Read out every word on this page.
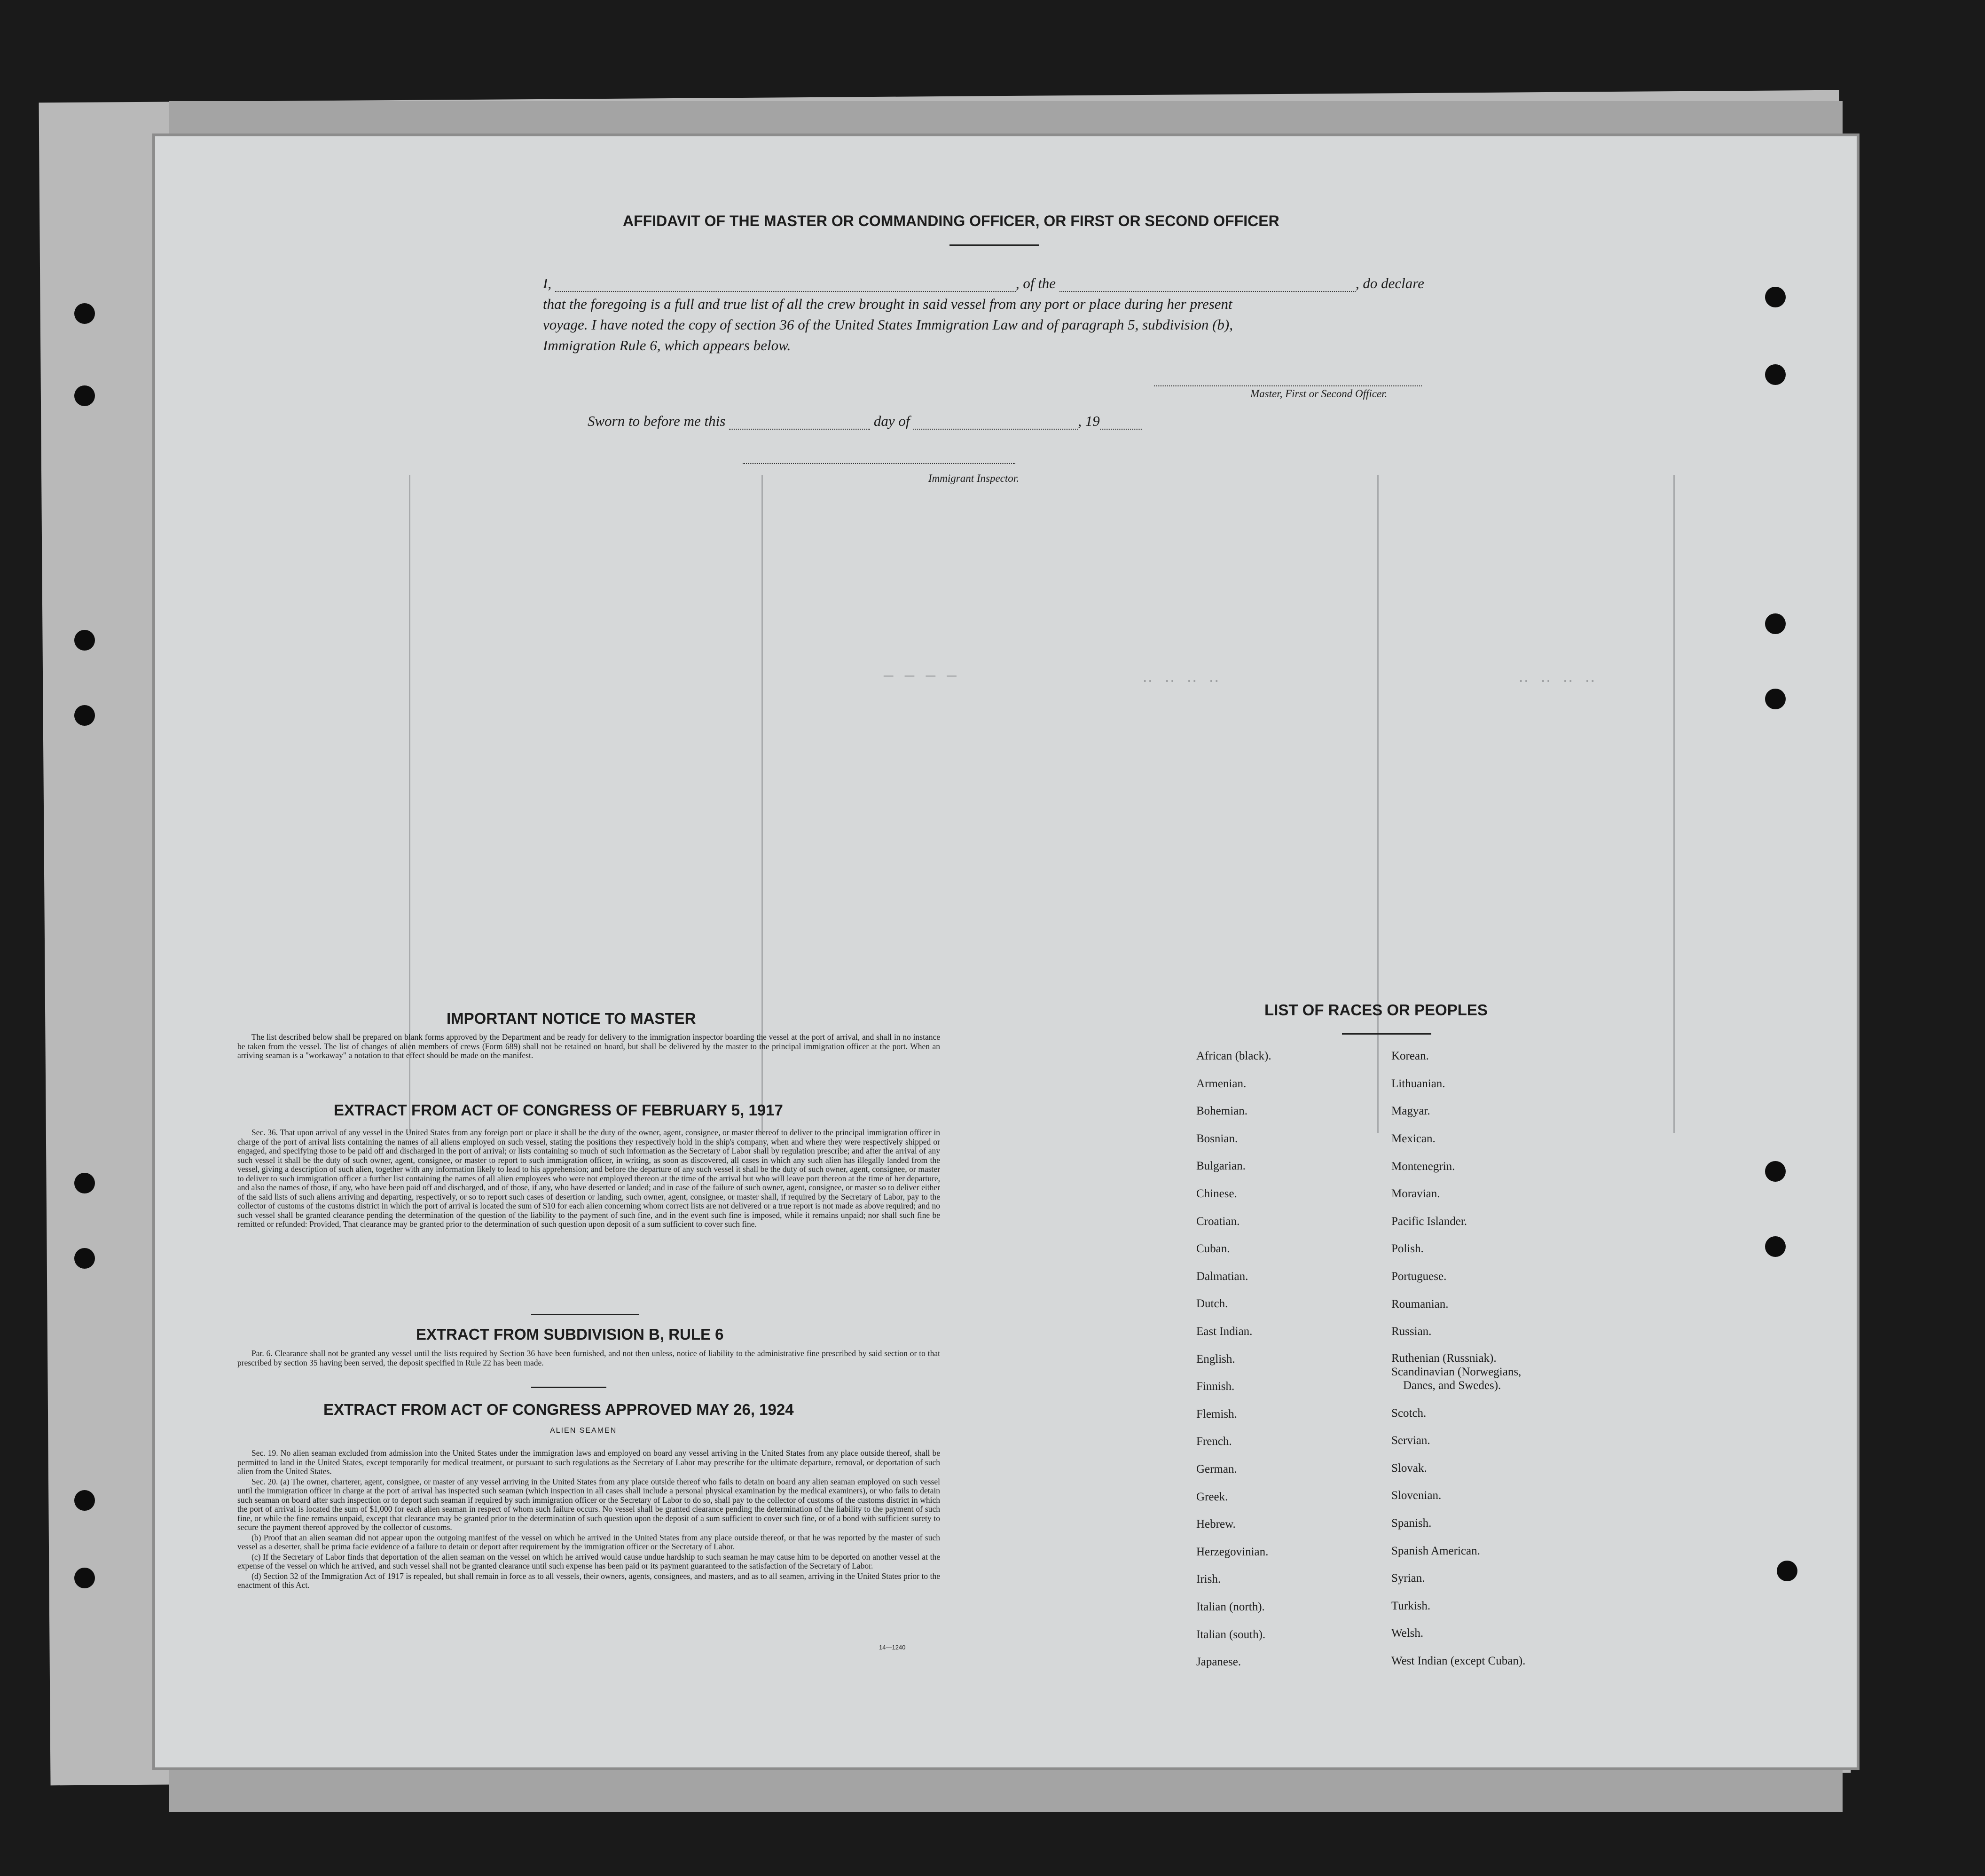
― ― ― ―	‥ ‥ ‥ ‥	‥ ‥ ‥ ‥
AFFIDAVIT OF THE MASTER OR COMMANDING OFFICER, OR FIRST OR SECOND OFFICER
I,	, of the	, do declare
that the foregoing is a full and true list of all the crew brought in said vessel from any port or place during her present
voyage. I have noted the copy of section 36 of the United States Immigration Law and of paragraph 5, subdivision (b),
Immigration Rule 6, which appears below.
Master, First or Second Officer.
Sworn to before me this	day of	, 19
Immigrant Inspector.
IMPORTANT NOTICE TO MASTER

The list described below shall be prepared on blank forms approved by the Department and be ready for delivery to the immigration inspector boarding the vessel at the port of arrival, and shall in no instance be taken from the vessel. The list of changes of alien members of crews (Form 689) shall not be retained on board, but shall be delivered by the master to the principal immigration officer at the port. When an arriving seaman is a "workaway" a notation to that effect should be made on the manifest.

EXTRACT FROM ACT OF CONGRESS OF FEBRUARY 5, 1917

Sec. 36. That upon arrival of any vessel in the United States from any foreign port or place it shall be the duty of the owner, agent, consignee, or master thereof to deliver to the principal immigration officer in charge of the port of arrival lists containing the names of all aliens employed on such vessel, stating the positions they respectively hold in the ship's company, when and where they were respectively shipped or engaged, and specifying those to be paid off and discharged in the port of arrival; or lists containing so much of such information as the Secretary of Labor shall by regulation prescribe; and after the arrival of any such vessel it shall be the duty of such owner, agent, consignee, or master to report to such immigration officer, in writing, as soon as discovered, all cases in which any such alien has illegally landed from the vessel, giving a description of such alien, together with any information likely to lead to his apprehension; and before the departure of any such vessel it shall be the duty of such owner, agent, consignee, or master to deliver to such immigration officer a further list containing the names of all alien employees who were not employed thereon at the time of the arrival but who will leave port thereon at the time of her departure, and also the names of those, if any, who have been paid off and discharged, and of those, if any, who have deserted or landed; and in case of the failure of such owner, agent, consignee, or master so to deliver either of the said lists of such aliens arriving and departing, respectively, or so to report such cases of desertion or landing, such owner, agent, consignee, or master shall, if required by the Secretary of Labor, pay to the collector of customs of the customs district in which the port of arrival is located the sum of $10 for each alien concerning whom correct lists are not delivered or a true report is not made as above required; and no such vessel shall be granted clearance pending the determination of the question of the liability to the payment of such fine, and in the event such fine is imposed, while it remains unpaid; nor shall such fine be remitted or refunded: Provided, That clearance may be granted prior to the determination of such question upon deposit of a sum sufficient to cover such fine.

EXTRACT FROM SUBDIVISION B, RULE 6

Par. 6. Clearance shall not be granted any vessel until the lists required by Section 36 have been furnished, and not then unless, notice of liability to the administrative fine prescribed by said section or to that prescribed by section 35 having been served, the deposit specified in Rule 22 has been made.

EXTRACT FROM ACT OF CONGRESS APPROVED MAY 26, 1924
ALIEN SEAMEN

Sec. 19. No alien seaman excluded from admission into the United States under the immigration laws and employed on board any vessel arriving in the United States from any place outside thereof, shall be permitted to land in the United States, except temporarily for medical treatment, or pursuant to such regulations as the Secretary of Labor may prescribe for the ultimate departure, removal, or deportation of such alien from the United States.

Sec. 20. (a) The owner, charterer, agent, consignee, or master of any vessel arriving in the United States from any place outside thereof who fails to detain on board any alien seaman employed on such vessel until the immigration officer in charge at the port of arrival has inspected such seaman (which inspection in all cases shall include a personal physical examination by the medical examiners), or who fails to detain such seaman on board after such inspection or to deport such seaman if required by such immigration officer or the Secretary of Labor to do so, shall pay to the collector of customs of the customs district in which the port of arrival is located the sum of $1,000 for each alien seaman in respect of whom such failure occurs. No vessel shall be granted clearance pending the determination of the liability to the payment of such fine, or while the fine remains unpaid, except that clearance may be granted prior to the determination of such question upon the deposit of a sum sufficient to cover such fine, or of a bond with sufficient surety to secure the payment thereof approved by the collector of customs.

(b) Proof that an alien seaman did not appear upon the outgoing manifest of the vessel on which he arrived in the United States from any place outside thereof, or that he was reported by the master of such vessel as a deserter, shall be prima facie evidence of a failure to detain or deport after requirement by the immigration officer or the Secretary of Labor.

(c) If the Secretary of Labor finds that deportation of the alien seaman on the vessel on which he arrived would cause undue hardship to such seaman he may cause him to be deported on another vessel at the expense of the vessel on which he arrived, and such vessel shall not be granted clearance until such expense has been paid or its payment guaranteed to the satisfaction of the Secretary of Labor.

(d) Section 32 of the Immigration Act of 1917 is repealed, but shall remain in force as to all vessels, their owners, agents, consignees, and masters, and as to all seamen, arriving in the United States prior to the enactment of this Act.

14—1240
LIST OF RACES OR PEOPLES
African (black).
Armenian.
Bohemian.
Bosnian.
Bulgarian.
Chinese.
Croatian.
Cuban.
Dalmatian.
Dutch.
East Indian.
English.
Finnish.
Flemish.
French.
German.
Greek.
Hebrew.
Herzegovinian.
Irish.
Italian (north).
Italian (south).
Japanese.
Korean.
Lithuanian.
Magyar.
Mexican.
Montenegrin.
Moravian.
Pacific Islander.
Polish.
Portuguese.
Roumanian.
Russian.
Ruthenian (Russniak).
Scandinavian (Norwegians,
Danes, and Swedes).
Scotch.
Servian.
Slovak.
Slovenian.
Spanish.
Spanish American.
Syrian.
Turkish.
Welsh.
West Indian (except Cuban).
